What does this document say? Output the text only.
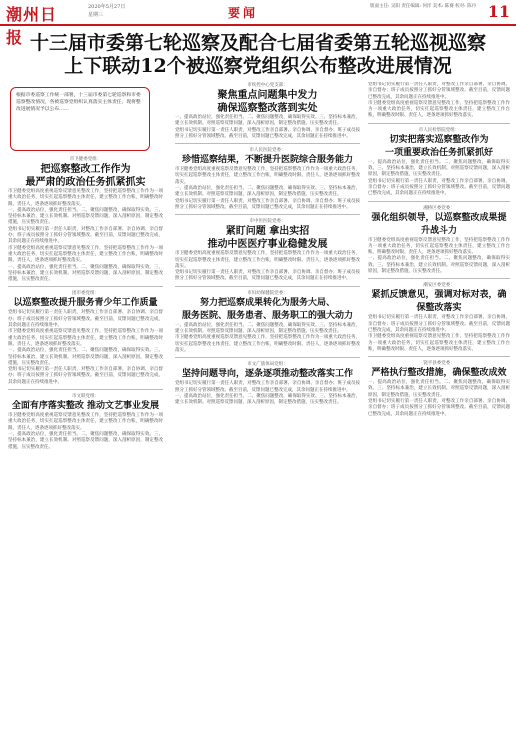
潮州日报
2020年5月27日
星期三	要闻	版面主任: 吴阳 责任编辑: 何洋 美术: 陈赛 校对: 陈丹 11
十三届市委第七轮巡察及配合七届省委第五轮巡视巡察
上下联动12个被巡察党组织公布整改进展情况
根据市委巡察工作统一部署，十三届市委第七轮巡察和市委巡察整改情况，各被巡察党组织认真落实主体责任，现将整改进展情况予以公布……
市卫健委党组：
把巡察整改工作作为
最严肃的政治任务抓紧抓实
市卫健委党组高度重视巡察反馈意见整改工作，坚持把巡察整改工作作为一项重大政治任务，切实扛起巡察整改主体责任，建立整改工作台账，明确整改时限、责任人，逐条逐项抓好整改落实。
一、提高政治站位，强化责任担当。二、聚焦问题整改，确保取得实效。三、坚持标本兼治，建立长效机制。对照巡察反馈问题，深入剖析原因，制定整改措施，压实整改责任。
党组书记切实履行第一责任人职责，对整改工作亲自部署、亲自协调、亲自督办；班子成员按照分工抓好分管领域整改。截至目前，反馈问题已整改完成，其余问题正在持续推进中。
市卫健委党组高度重视巡察反馈意见整改工作，坚持把巡察整改工作作为一项重大政治任务，切实扛起巡察整改主体责任，建立整改工作台账，明确整改时限、责任人，逐条逐项抓好整改落实。
一、提高政治站位，强化责任担当。二、聚焦问题整改，确保取得实效。三、坚持标本兼治，建立长效机制。对照巡察反馈问题，深入剖析原因，制定整改措施，压实整改责任。
团市委党组：
以巡察整改提升服务青少年工作质量
党组书记切实履行第一责任人职责，对整改工作亲自部署、亲自协调、亲自督办；班子成员按照分工抓好分管领域整改。截至目前，反馈问题已整改完成，其余问题正在持续推进中。
市卫健委党组高度重视巡察反馈意见整改工作，坚持把巡察整改工作作为一项重大政治任务，切实扛起巡察整改主体责任，建立整改工作台账，明确整改时限、责任人，逐条逐项抓好整改落实。
一、提高政治站位，强化责任担当。二、聚焦问题整改，确保取得实效。三、坚持标本兼治，建立长效机制。对照巡察反馈问题，深入剖析原因，制定整改措施，压实整改责任。
党组书记切实履行第一责任人职责，对整改工作亲自部署、亲自协调、亲自督办；班子成员按照分工抓好分管领域整改。截至目前，反馈问题已整改完成，其余问题正在持续推进中。
市文联党组：
全面有序落实整改 推动文艺事业发展
市卫健委党组高度重视巡察反馈意见整改工作，坚持把巡察整改工作作为一项重大政治任务，切实扛起巡察整改主体责任，建立整改工作台账，明确整改时限、责任人，逐条逐项抓好整改落实。
一、提高政治站位，强化责任担当。二、聚焦问题整改，确保取得实效。三、坚持标本兼治，建立长效机制。对照巡察反馈问题，深入剖析原因，制定整改措施，压实整改责任。
市疾控中心党支部：
聚焦重点问题集中发力
确保巡察整改落到实处
一、提高政治站位，强化责任担当。二、聚焦问题整改，确保取得实效。三、坚持标本兼治，建立长效机制。对照巡察反馈问题，深入剖析原因，制定整改措施，压实整改责任。
党组书记切实履行第一责任人职责，对整改工作亲自部署、亲自协调、亲自督办；班子成员按照分工抓好分管领域整改。截至目前，反馈问题已整改完成，其余问题正在持续推进中。
市人民医院党委：
珍惜巡察结果，不断提升医院综合服务能力
市卫健委党组高度重视巡察反馈意见整改工作，坚持把巡察整改工作作为一项重大政治任务，切实扛起巡察整改主体责任，建立整改工作台账，明确整改时限、责任人，逐条逐项抓好整改落实。
一、提高政治站位，强化责任担当。二、聚焦问题整改，确保取得实效。三、坚持标本兼治，建立长效机制。对照巡察反馈问题，深入剖析原因，制定整改措施，压实整改责任。
党组书记切实履行第一责任人职责，对整改工作亲自部署、亲自协调、亲自督办；班子成员按照分工抓好分管领域整改。截至目前，反馈问题已整改完成，其余问题正在持续推进中。
市中医医院党委：
紧盯问题 拿出实招
推动中医医疗事业稳健发展
市卫健委党组高度重视巡察反馈意见整改工作，坚持把巡察整改工作作为一项重大政治任务，切实扛起巡察整改主体责任，建立整改工作台账，明确整改时限、责任人，逐条逐项抓好整改落实。
党组书记切实履行第一责任人职责，对整改工作亲自部署、亲自协调、亲自督办；班子成员按照分工抓好分管领域整改。截至目前，反馈问题已整改完成，其余问题正在持续推进中。
市妇幼保健院党委：
努力把巡察成果转化为服务大局、
服务医院、服务患者、服务职工的强大动力
一、提高政治站位，强化责任担当。二、聚焦问题整改，确保取得实效。三、坚持标本兼治，建立长效机制。对照巡察反馈问题，深入剖析原因，制定整改措施，压实整改责任。
市卫健委党组高度重视巡察反馈意见整改工作，坚持把巡察整改工作作为一项重大政治任务，切实扛起巡察整改主体责任，建立整改工作台账，明确整改时限、责任人，逐条逐项抓好整改落实。
市文广旅体局党组：
坚持问题导向，逐条逐项推动整改落实工作
党组书记切实履行第一责任人职责，对整改工作亲自部署、亲自协调、亲自督办；班子成员按照分工抓好分管领域整改。截至目前，反馈问题已整改完成，其余问题正在持续推进中。
一、提高政治站位，强化责任担当。二、聚焦问题整改，确保取得实效。三、坚持标本兼治，建立长效机制。对照巡察反馈问题，深入剖析原因，制定整改措施，压实整改责任。
党组书记切实履行第一责任人职责，对整改工作亲自部署、亲自协调、亲自督办；班子成员按照分工抓好分管领域整改。截至目前，反馈问题已整改完成，其余问题正在持续推进中。
市卫健委党组高度重视巡察反馈意见整改工作，坚持把巡察整改工作作为一项重大政治任务，切实扛起巡察整改主体责任，建立整改工作台账，明确整改时限、责任人，逐条逐项抓好整改落实。
市人民检察院党组：
切实把落实巡察整改作为
一项重要政治任务抓紧抓好
一、提高政治站位，强化责任担当。二、聚焦问题整改，确保取得实效。三、坚持标本兼治，建立长效机制。对照巡察反馈问题，深入剖析原因，制定整改措施，压实整改责任。
党组书记切实履行第一责任人职责，对整改工作亲自部署、亲自协调、亲自督办；班子成员按照分工抓好分管领域整改。截至目前，反馈问题已整改完成，其余问题正在持续推进中。
湘桥区委党委：
强化组织领导，以巡察整改成果提升战斗力
市卫健委党组高度重视巡察反馈意见整改工作，坚持把巡察整改工作作为一项重大政治任务，切实扛起巡察整改主体责任，建立整改工作台账，明确整改时限、责任人，逐条逐项抓好整改落实。
一、提高政治站位，强化责任担当。二、聚焦问题整改，确保取得实效。三、坚持标本兼治，建立长效机制。对照巡察反馈问题，深入剖析原因，制定整改措施，压实整改责任。
潮安区委党委：
紧抓反馈意见，强调对标对表，确保整改落实
党组书记切实履行第一责任人职责，对整改工作亲自部署、亲自协调、亲自督办；班子成员按照分工抓好分管领域整改。截至目前，反馈问题已整改完成，其余问题正在持续推进中。
市卫健委党组高度重视巡察反馈意见整改工作，坚持把巡察整改工作作为一项重大政治任务，切实扛起巡察整改主体责任，建立整改工作台账，明确整改时限、责任人，逐条逐项抓好整改落实。
饶平县委党委：
严格执行整改措施，确保整改成效
一、提高政治站位，强化责任担当。二、聚焦问题整改，确保取得实效。三、坚持标本兼治，建立长效机制。对照巡察反馈问题，深入剖析原因，制定整改措施，压实整改责任。
党组书记切实履行第一责任人职责，对整改工作亲自部署、亲自协调、亲自督办；班子成员按照分工抓好分管领域整改。截至目前，反馈问题已整改完成，其余问题正在持续推进中。
